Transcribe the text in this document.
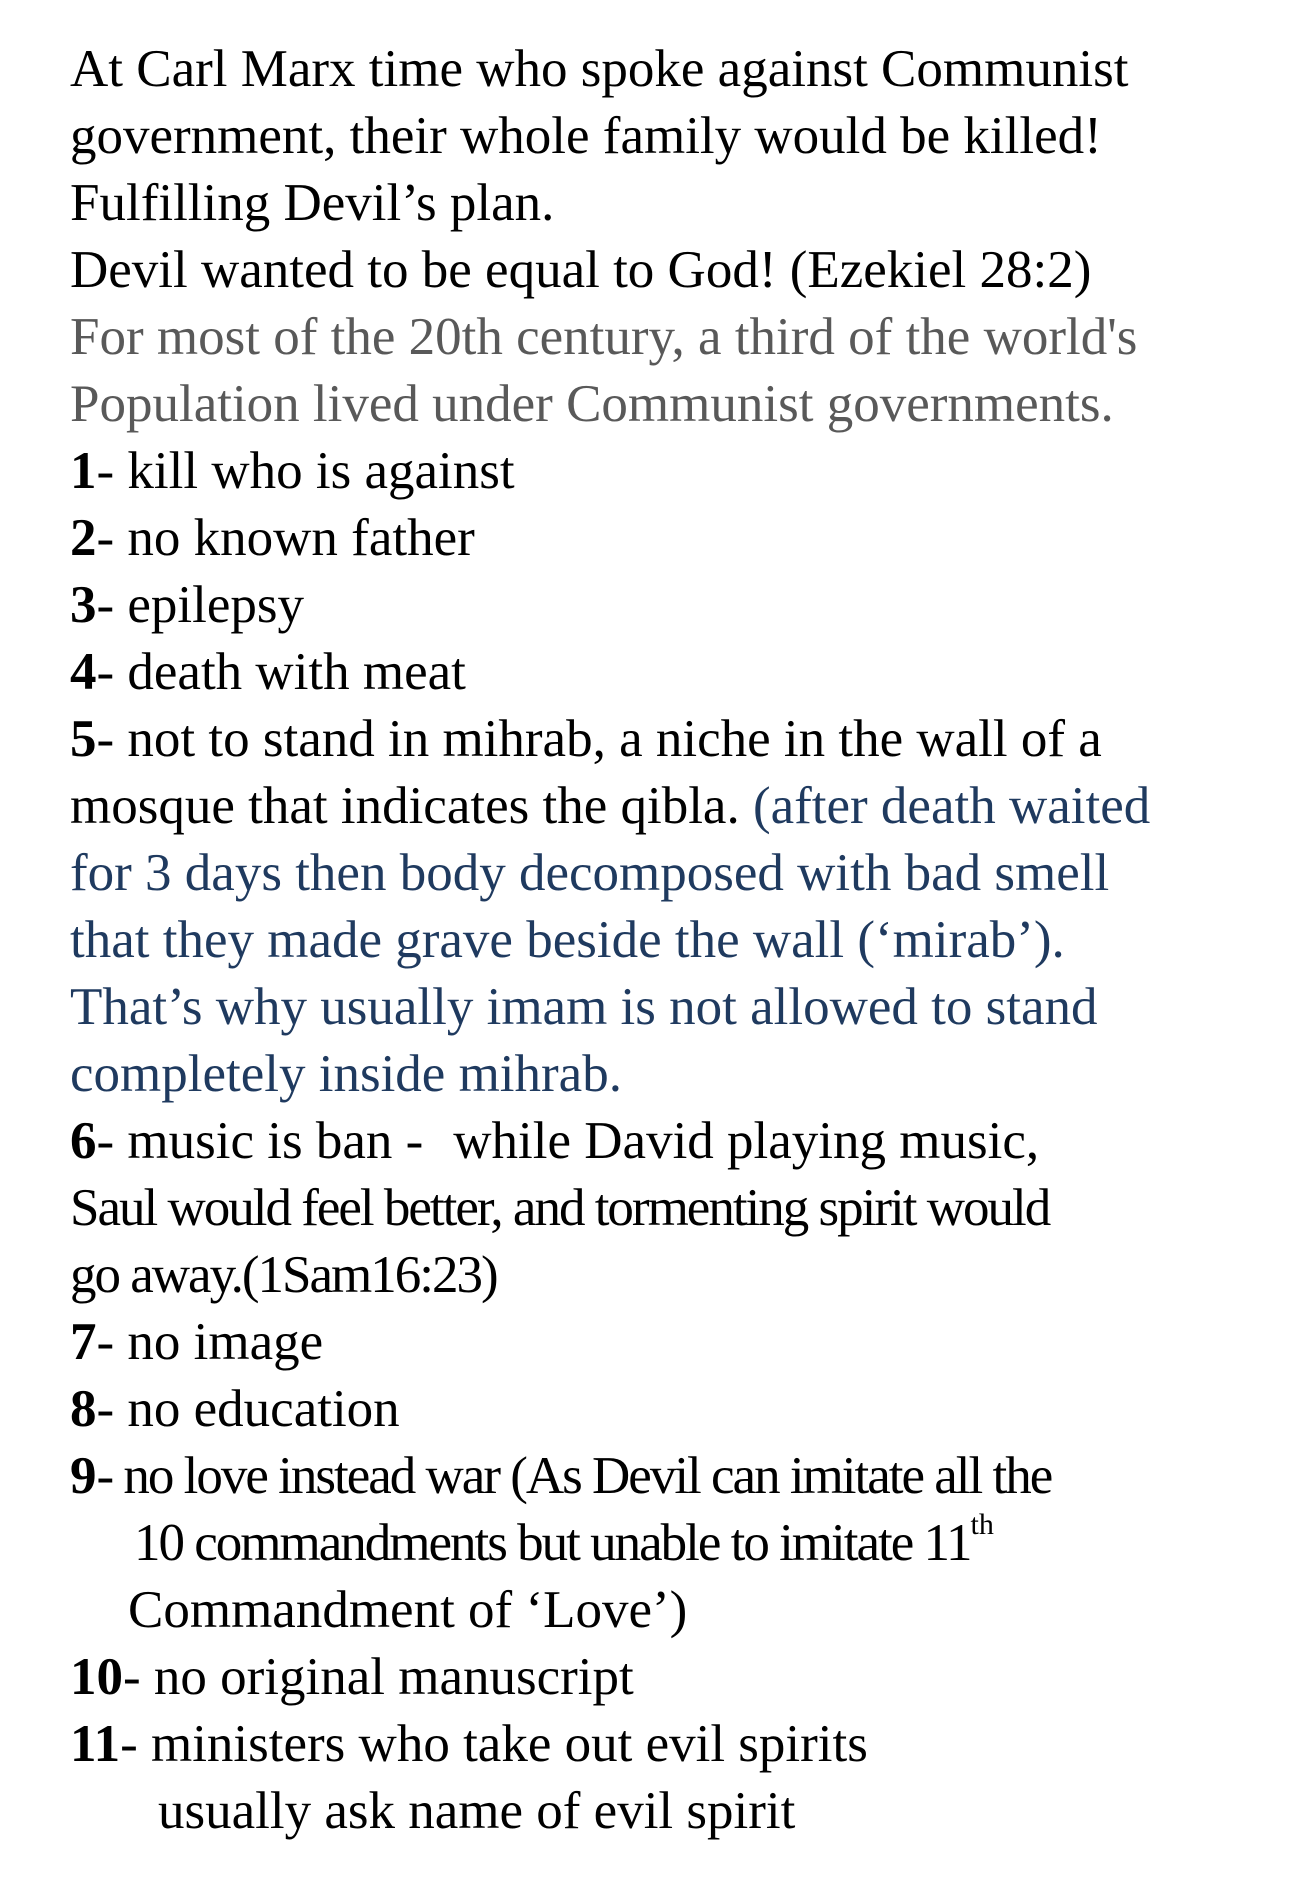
At Carl Marx time who spoke against Communist
government, their whole family would be killed!
Fulfilling Devil’s plan.
Devil wanted to be equal to God! (Ezekiel 28:2)
For most of the 20th century, a third of the world's
Population lived under Communist governments.
1- kill who is against
2- no known father
3- epilepsy
4- death with meat
5- not to stand in mihrab, a niche in the wall of a
mosque that indicates the qibla. (after death waited
for 3 days then body decomposed with bad smell
that they made grave beside the wall (‘mirab’).
That’s why usually imam is not allowed to stand
completely inside mihrab.
6- music is ban - while David playing music,
Saul would feel better, and tormenting spirit would
go away.(1Sam16:23)
7- no image
8- no education
9- no love instead war (As Devil can imitate all the
10 commandments but unable to imitate 11th
Commandment of ‘Love’)
10- no original manuscript
11- ministers who take out evil spirits
usually ask name of evil spirit
